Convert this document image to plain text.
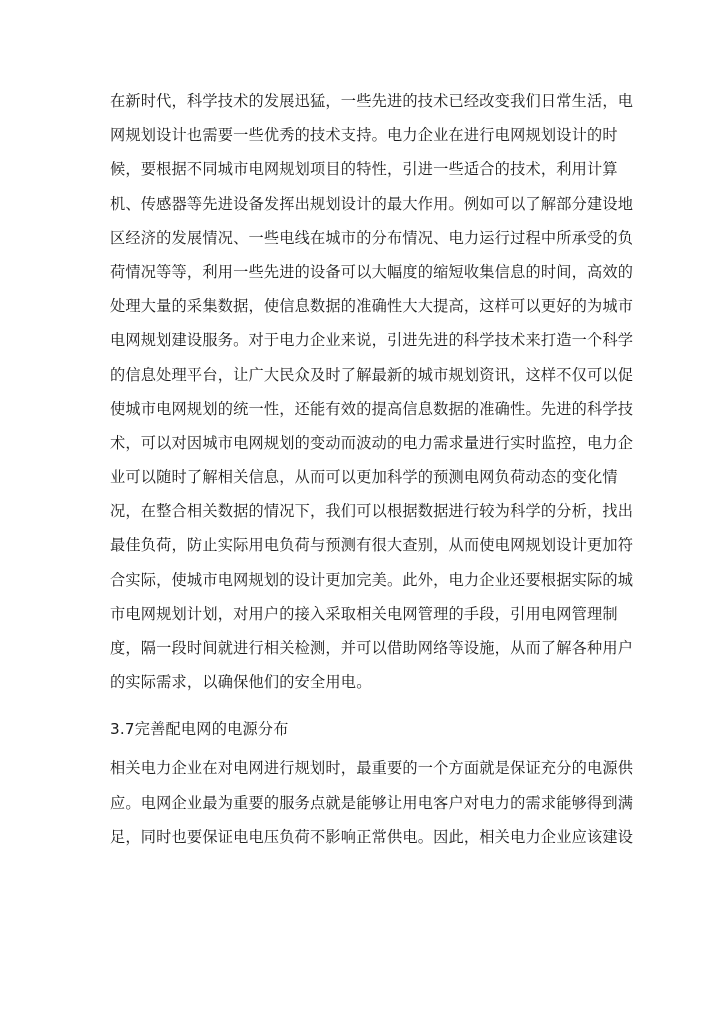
在新时代，科学技术的发展迅猛，一些先进的技术已经改变我们日常生活，电
网规划设计也需要一些优秀的技术支持。电力企业在进行电网规划设计的时
候，要根据不同城市电网规划项目的特性，引进一些适合的技术，利用计算
机、传感器等先进设备发挥出规划设计的最大作用。例如可以了解部分建设地
区经济的发展情况、一些电线在城市的分布情况、电力运行过程中所承受的负
荷情况等等，利用一些先进的设备可以大幅度的缩短收集信息的时间，高效的
处理大量的采集数据，使信息数据的准确性大大提高，这样可以更好的为城市
电网规划建设服务。对于电力企业来说，引进先进的科学技术来打造一个科学
的信息处理平台，让广大民众及时了解最新的城市规划资讯，这样不仅可以促
使城市电网规划的统一性，还能有效的提高信息数据的准确性。先进的科学技
术，可以对因城市电网规划的变动而波动的电力需求量进行实时监控，电力企
业可以随时了解相关信息，从而可以更加科学的预测电网负荷动态的变化情
况，在整合相关数据的情况下，我们可以根据数据进行较为科学的分析，找出
最佳负荷，防止实际用电负荷与预测有很大查别，从而使电网规划设计更加符
合实际，使城市电网规划的设计更加完美。此外，电力企业还要根据实际的城
市电网规划计划，对用户的接入采取相关电网管理的手段，引用电网管理制
度，隔一段时间就进行相关检测，并可以借助网络等设施，从而了解各种用户
的实际需求，以确保他们的安全用电。
3.7完善配电网的电源分布
相关电力企业在对电网进行规划时，最重要的一个方面就是保证充分的电源供
应。电网企业最为重要的服务点就是能够让用电客户对电力的需求能够得到满
足，同时也要保证电电压负荷不影响正常供电。因此，相关电力企业应该建设
